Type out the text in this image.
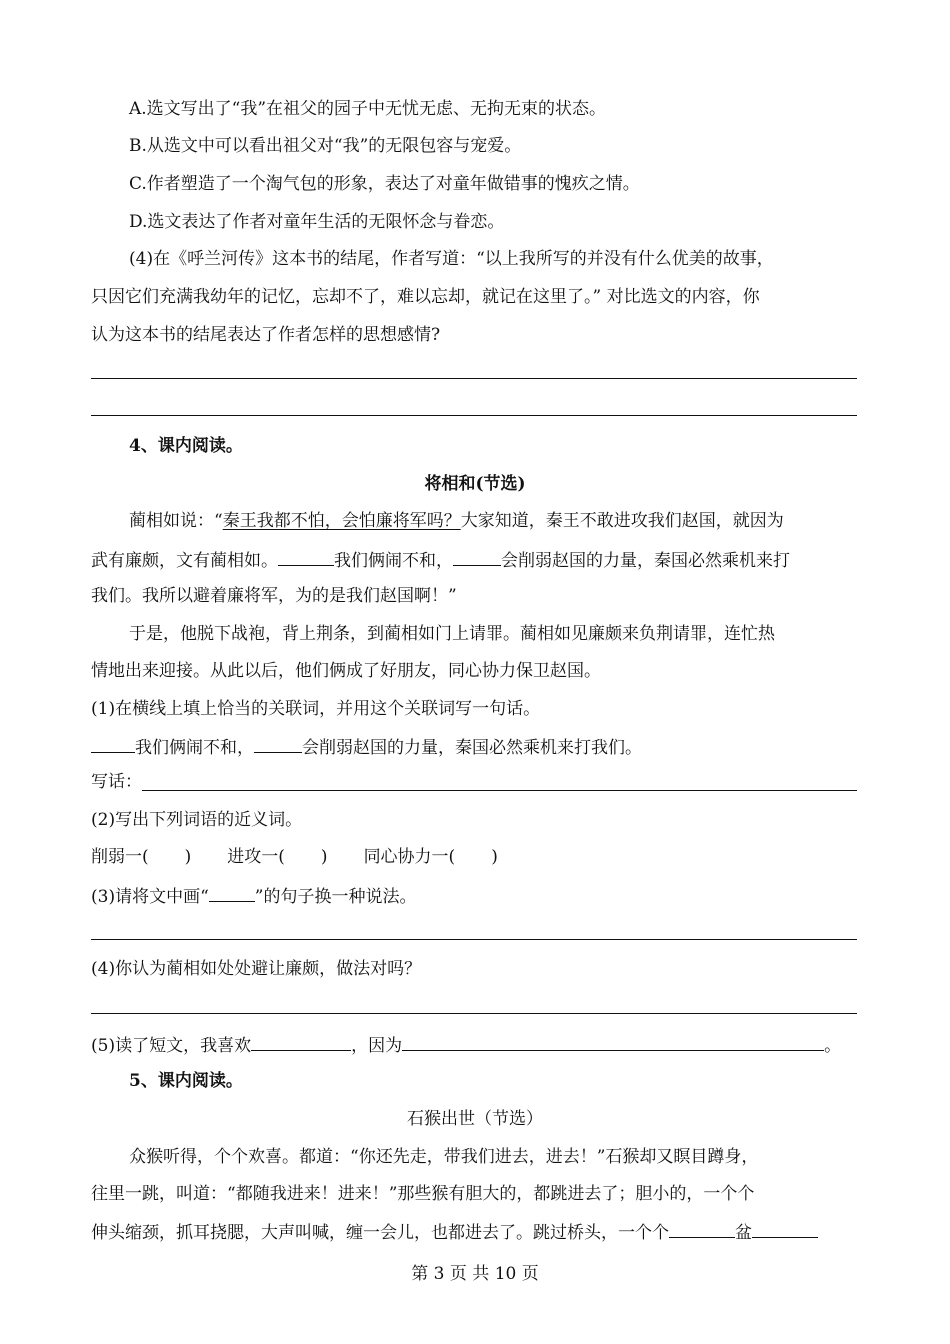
A.选文写出了“我”在祖父的园子中无忧无虑、无拘无束的状态。
B.从选文中可以看出祖父对“我”的无限包容与宠爱。
C.作者塑造了一个淘气包的形象，表达了对童年做错事的愧疚之情。
D.选文表达了作者对童年生活的无限怀念与眷恋。
(4)在《呼兰河传》这本书的结尾，作者写道：“以上我所写的并没有什么优美的故事，
只因它们充满我幼年的记忆，忘却不了，难以忘却，就记在这里了。” 对比选文的内容，你
认为这本书的结尾表达了作者怎样的思想感情?
4、课内阅读。
将相和(节选)
蔺相如说：“秦王我都不怕，会怕廉将军吗？大家知道，秦王不敢进攻我们赵国，就因为
武有廉颇，文有蔺相如。	我们俩闹不和，	会削弱赵国的力量，秦国必然乘机来打
我们。我所以避着廉将军，为的是我们赵国啊！”
于是，他脱下战袍，背上荆条，到蔺相如门上请罪。蔺相如见廉颇来负荆请罪，连忙热
情地出来迎接。从此以后，他们俩成了好朋友，同心协力保卫赵国。
(1)在横线上填上恰当的关联词，并用这个关联词写一句话。
我们俩闹不和，	会削弱赵国的力量，秦国必然乘机来打我们。
写话：
(2)写出下列词语的近义词。
削弱一( ) 进攻一( ) 同心协力一( )
(3)请将文中画“	”的句子换一种说法。
(4)你认为蔺相如处处避让廉颇，做法对吗？
(5)读了短文，我喜欢	，因为	。
5、课内阅读。
石猴出世（节选）
众猴听得，个个欢喜。都道：“你还先走，带我们进去，进去！”石猴却又瞑目蹲身，
往里一跳，叫道：“都随我进来！进来！”那些猴有胆大的，都跳进去了；胆小的，一个个
伸头缩颈，抓耳挠腮，大声叫喊，缠一会儿，也都进去了。跳过桥头，一个个	盆
第 3 页 共 10 页
